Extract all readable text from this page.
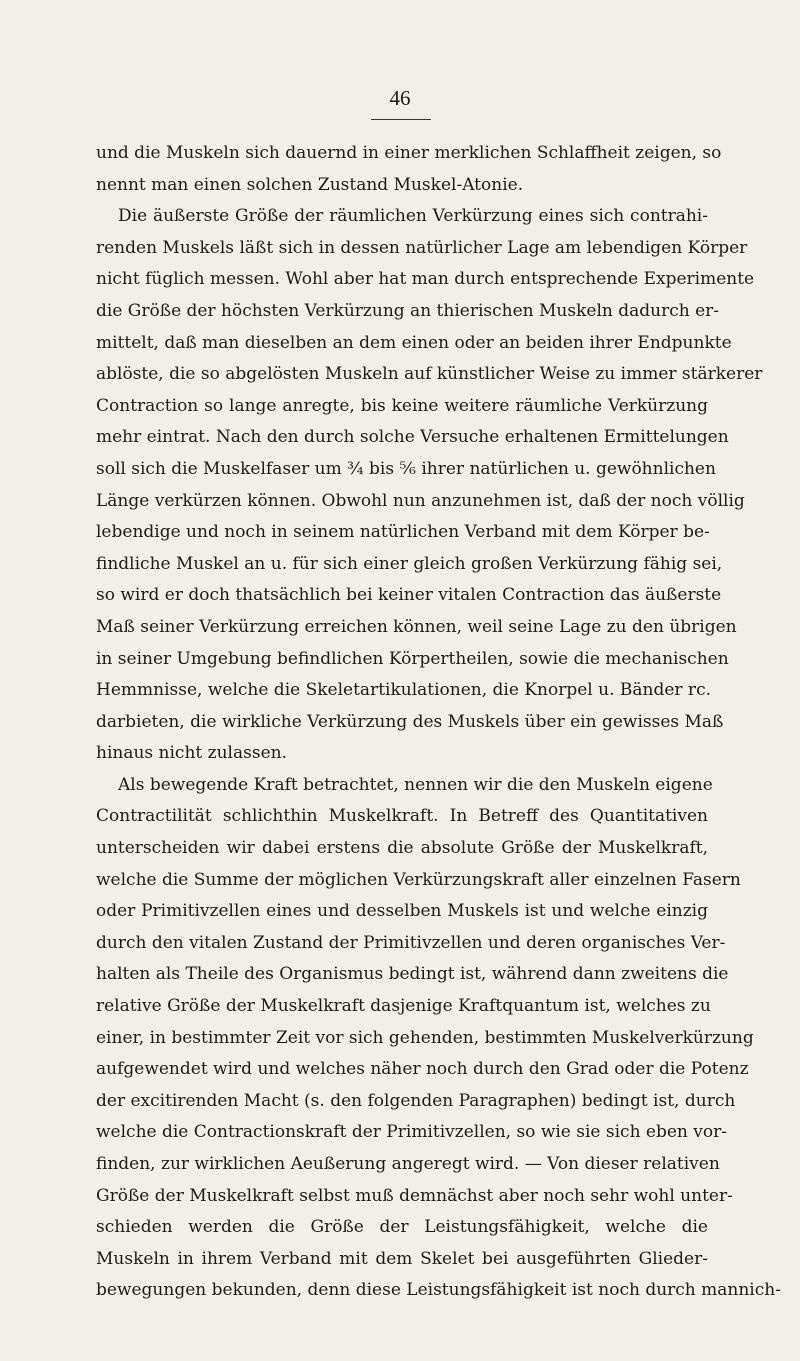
46
und die Muskeln sich dauernd in einer merklichen Schlaffheit zeigen, so
nennt man einen solchen Zustand Muskel-Atonie.
Die äußerste Größe der räumlichen Verkürzung eines sich contrahi-
renden Muskels läßt sich in dessen natürlicher Lage am lebendigen Körper
nicht füglich messen. Wohl aber hat man durch entsprechende Experimente
die Größe der höchsten Verkürzung an thierischen Muskeln dadurch er-
mittelt, daß man dieselben an dem einen oder an beiden ihrer Endpunkte
ablöste, die so abgelösten Muskeln auf künstlicher Weise zu immer stärkerer
Contraction so lange anregte, bis keine weitere räumliche Verkürzung
mehr eintrat. Nach den durch solche Versuche erhaltenen Ermittelungen
soll sich die Muskelfaser um ¾ bis ⁵⁄₆ ihrer natürlichen u. gewöhnlichen
Länge verkürzen können. Obwohl nun anzunehmen ist, daß der noch völlig
lebendige und noch in seinem natürlichen Verband mit dem Körper be-
findliche Muskel an u. für sich einer gleich großen Verkürzung fähig sei,
so wird er doch thatsächlich bei keiner vitalen Contraction das äußerste
Maß seiner Verkürzung erreichen können, weil seine Lage zu den übrigen
in seiner Umgebung befindlichen Körpertheilen, sowie die mechanischen
Hemmnisse, welche die Skeletartikulationen, die Knorpel u. Bänder rc.
darbieten, die wirkliche Verkürzung des Muskels über ein gewisses Maß
hinaus nicht zulassen.
Als bewegende Kraft betrachtet, nennen wir die den Muskeln eigene
Contractilität schlichthin Muskelkraft. In Betreff des Quantitativen
unterscheiden wir dabei erstens die absolute Größe der Muskelkraft,
welche die Summe der möglichen Verkürzungskraft aller einzelnen Fasern
oder Primitivzellen eines und desselben Muskels ist und welche einzig
durch den vitalen Zustand der Primitivzellen und deren organisches Ver-
halten als Theile des Organismus bedingt ist, während dann zweitens die
relative Größe der Muskelkraft dasjenige Kraftquantum ist, welches zu
einer, in bestimmter Zeit vor sich gehenden, bestimmten Muskelverkürzung
aufgewendet wird und welches näher noch durch den Grad oder die Potenz
der excitirenden Macht (s. den folgenden Paragraphen) bedingt ist, durch
welche die Contractionskraft der Primitivzellen, so wie sie sich eben vor-
finden, zur wirklichen Aeußerung angeregt wird. — Von dieser relativen
Größe der Muskelkraft selbst muß demnächst aber noch sehr wohl unter-
schieden werden die Größe der Leistungsfähigkeit, welche die
Muskeln in ihrem Verband mit dem Skelet bei ausgeführten Glieder-
bewegungen bekunden, denn diese Leistungsfähigkeit ist noch durch mannich-
